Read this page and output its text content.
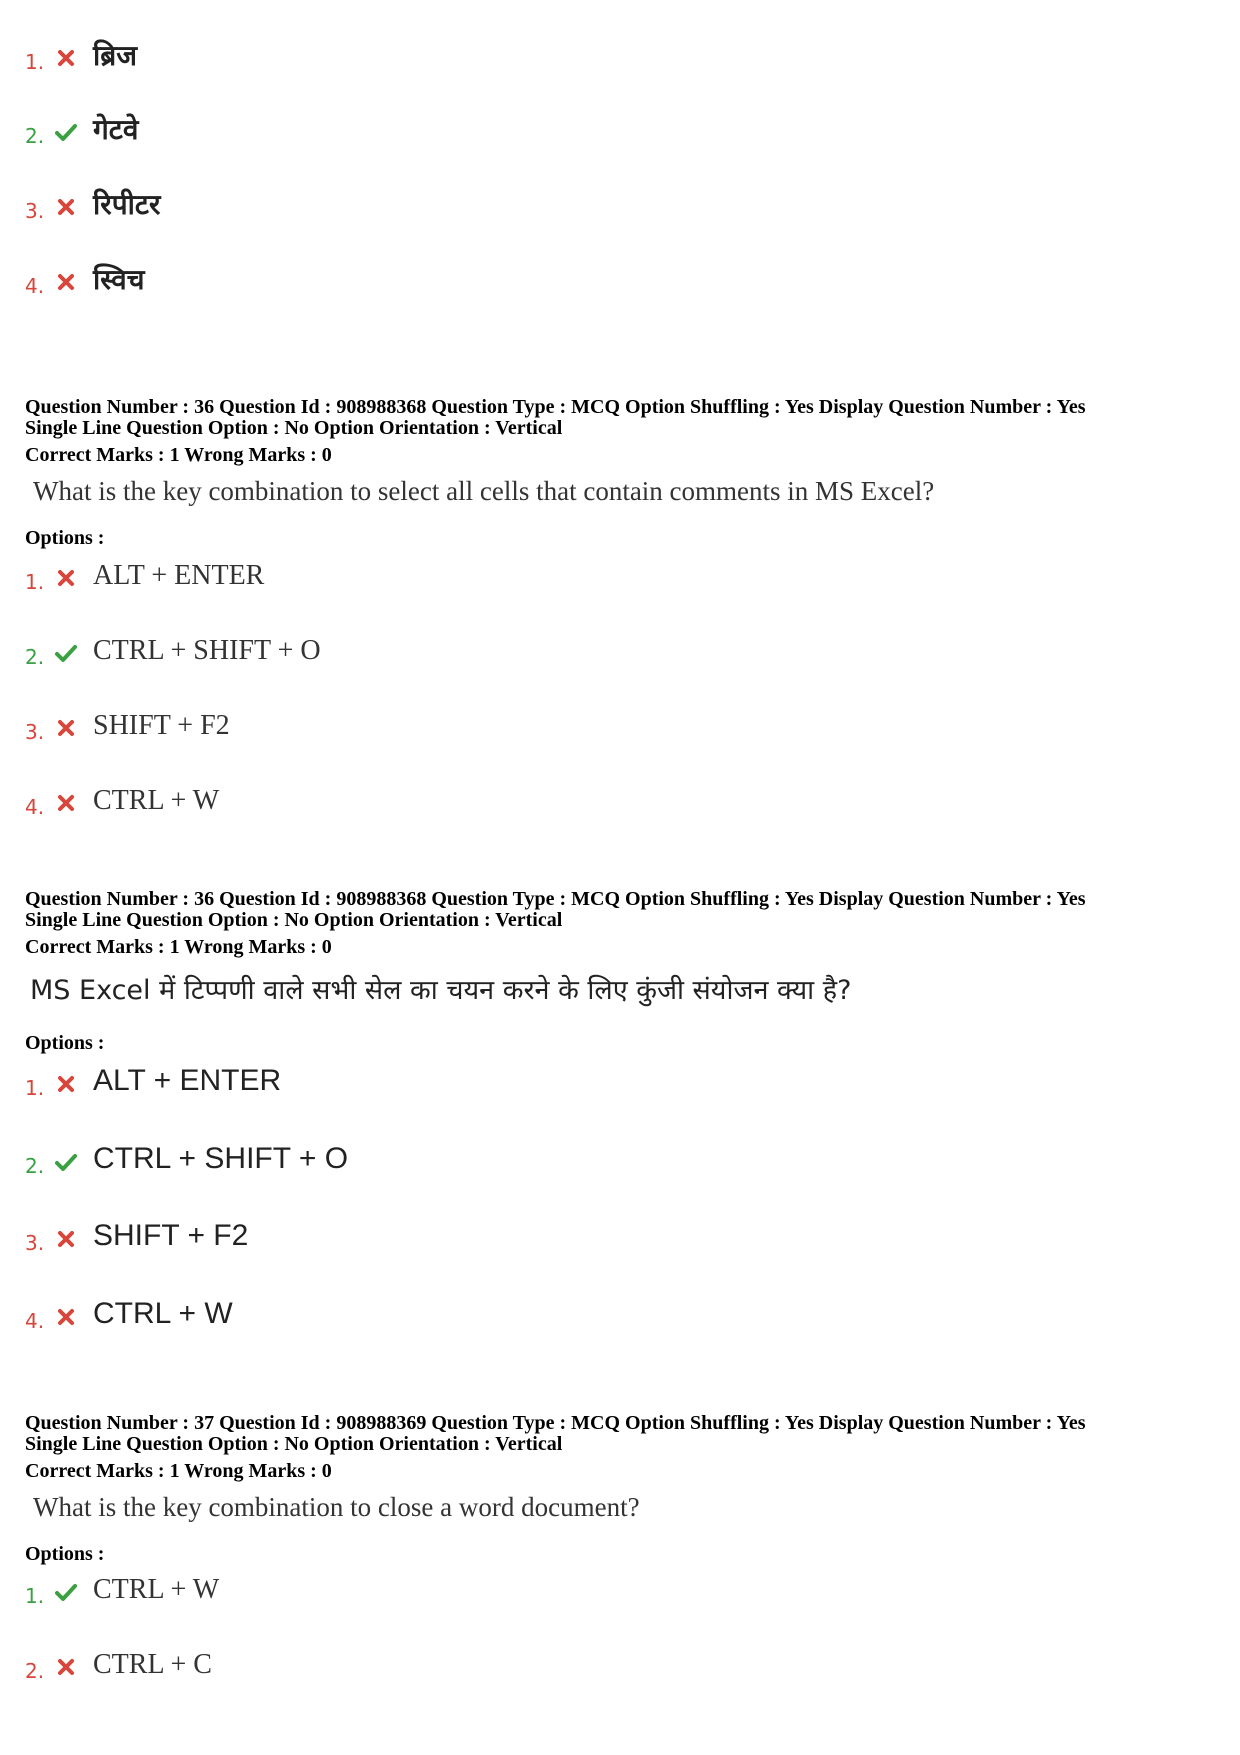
1. ब्रिज
2. गेटवे
3. रिपीटर
4. स्विच
Question Number : 36 Question Id : 908988368 Question Type : MCQ Option Shuffling : Yes Display Question Number : Yes
Single Line Question Option : No Option Orientation : Vertical
Correct Marks : 1 Wrong Marks : 0
What is the key combination to select all cells that contain comments in MS Excel?
Options :
1. ALT + ENTER
2. CTRL + SHIFT + O
3. SHIFT + F2
4. CTRL + W
Question Number : 36 Question Id : 908988368 Question Type : MCQ Option Shuffling : Yes Display Question Number : Yes
Single Line Question Option : No Option Orientation : Vertical
Correct Marks : 1 Wrong Marks : 0
MS Excel में टिप्पणी वाले सभी सेल का चयन करने के लिए कुंजी संयोजन क्या है?
Options :
1. ALT + ENTER
2. CTRL + SHIFT + O
3. SHIFT + F2
4. CTRL + W
Question Number : 37 Question Id : 908988369 Question Type : MCQ Option Shuffling : Yes Display Question Number : Yes
Single Line Question Option : No Option Orientation : Vertical
Correct Marks : 1 Wrong Marks : 0
What is the key combination to close a word document?
Options :
1. CTRL + W
2. CTRL + C
